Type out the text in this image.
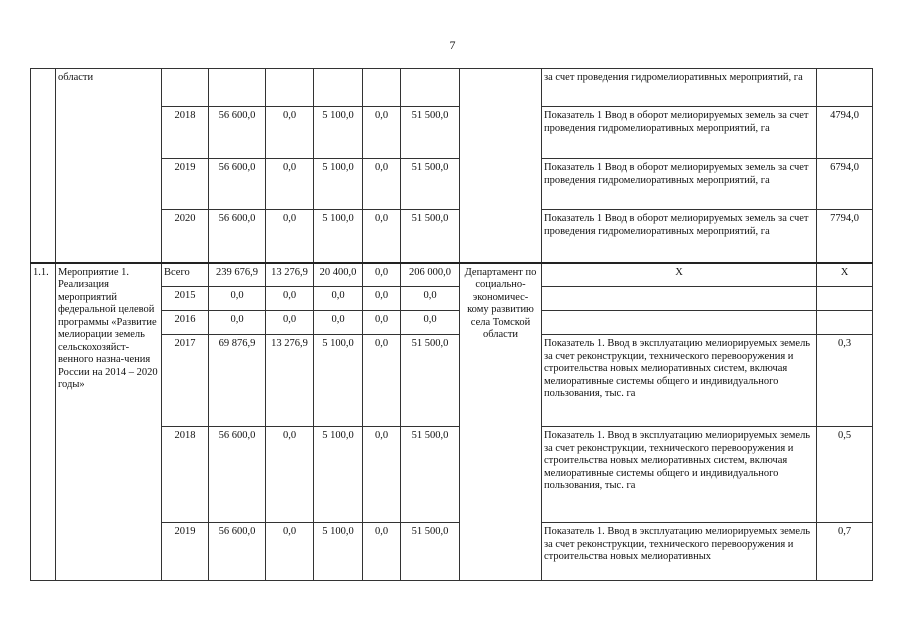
7
	области								за счет проведения гидромелиоративных мероприятий, га	
		2018	56 600,0	0,0	5 100,0	0,0	51 500,0		Показатель 1 Ввод в оборот мелиорируемых земель за счет проведения гидромелиоративных мероприятий, га	4794,0
		2019	56 600,0	0,0	5 100,0	0,0	51 500,0		Показатель 1 Ввод в оборот мелиорируемых земель за счет проведения гидромелиоративных мероприятий, га	6794,0
		2020	56 600,0	0,0	5 100,0	0,0	51 500,0		Показатель 1 Ввод в оборот мелиорируемых земель за счет проведения гидромелиоративных мероприятий, га	7794,0
1.1.	Мероприятие 1. Реализация мероприятий федеральной целевой программы «Развитие мелиорации земель сельскохозяйст-венного назна-чения России на 2014 – 2020 годы»	Всего	239 676,9	13 276,9	20 400,0	0,0	206 000,0	Департамент по социально-экономичес-кому развитию села Томской области	Х	Х
		2015	0,0	0,0	0,0	0,0	0,0			
		2016	0,0	0,0	0,0	0,0	0,0			
		2017	69 876,9	13 276,9	5 100,0	0,0	51 500,0		Показатель 1. Ввод в эксплуатацию мелиорируемых земель за счет реконструкции, технического перевооружения и строительства новых мелиоративных систем, включая мелиоративные системы общего и индивидуального пользования, тыс. га	0,3
		2018	56 600,0	0,0	5 100,0	0,0	51 500,0		Показатель 1. Ввод в эксплуатацию мелиорируемых земель за счет реконструкции, технического перевооружения и строительства новых мелиоративных систем, включая мелиоративные системы общего и индивидуального пользования, тыс. га	0,5
		2019	56 600,0	0,0	5 100,0	0,0	51 500,0		Показатель 1. Ввод в эксплуатацию мелиорируемых земель за счет реконструкции, технического перевооружения и строительства новых мелиоративных	0,7
